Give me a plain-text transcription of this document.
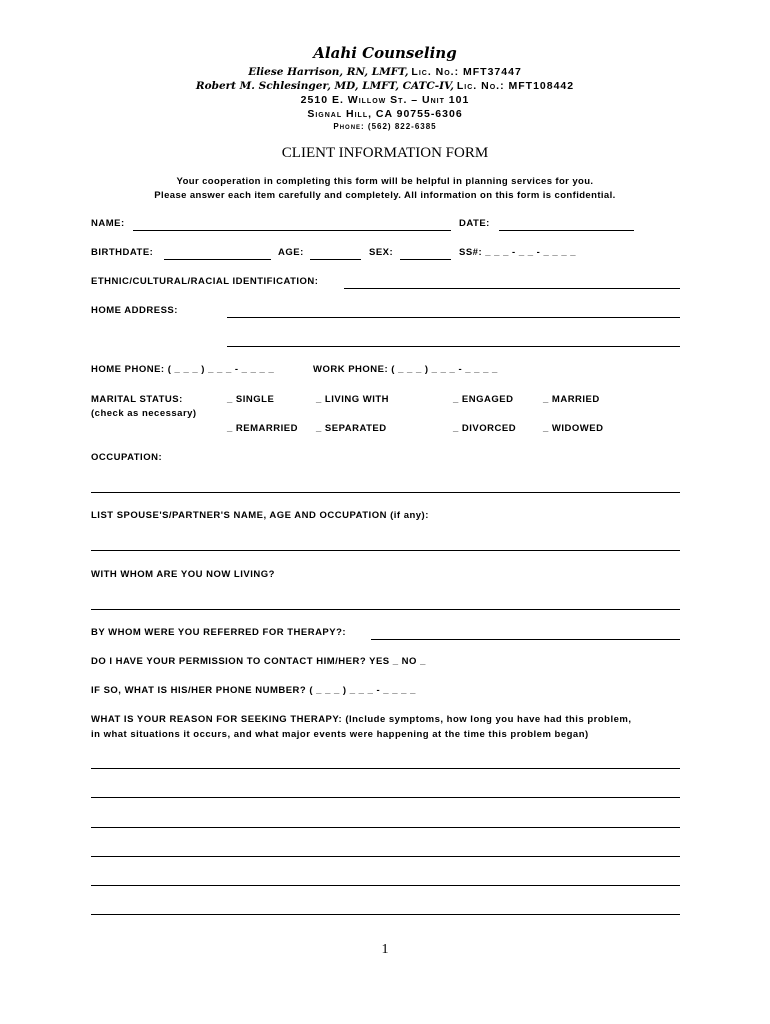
Alahi Counseling
Eliese Harrison, RN, LMFT, Lic. No.: MFT37447
Robert M. Schlesinger, MD, LMFT, CATC-IV, Lic. No.: MFT108442
2510 E. Willow St. – Unit 101
Signal Hill, CA 90755-6306
Phone: (562) 822-6385
CLIENT INFORMATION FORM
Your cooperation in completing this form will be helpful in planning services for you.
Please answer each item carefully and completely. All information on this form is confidential.
NAME:	DATE:
BIRTHDATE:	AGE:	SEX:	SS#: _ _ _ - _ _ - _ _ _ _
ETHNIC/CULTURAL/RACIAL IDENTIFICATION:
HOME ADDRESS:
HOME PHONE: ( _ _ _ ) _ _ _ - _ _ _ _	WORK PHONE: ( _ _ _ ) _ _ _ - _ _ _ _
MARITAL STATUS:
(check as necessary)
_ SINGLE	_ LIVING WITH	_ ENGAGED	_ MARRIED
_ REMARRIED _ SEPARATED	_ DIVORCED	_ WIDOWED
OCCUPATION:
LIST SPOUSE'S/PARTNER'S NAME, AGE AND OCCUPATION (if any):
WITH WHOM ARE YOU NOW LIVING?
BY WHOM WERE YOU REFERRED FOR THERAPY?:
DO I HAVE YOUR PERMISSION TO CONTACT HIM/HER? YES _ NO _
IF SO, WHAT IS HIS/HER PHONE NUMBER? ( _ _ _ ) _ _ _ - _ _ _ _
WHAT IS YOUR REASON FOR SEEKING THERAPY: (Include symptoms, how long you have had this problem,
in what situations it occurs, and what major events were happening at the time this problem began)
1
